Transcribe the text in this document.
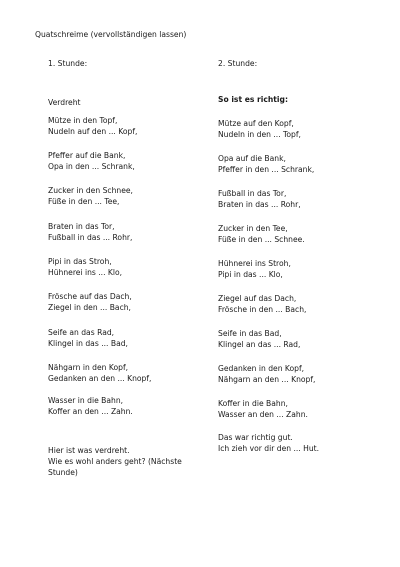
Quatschreime (vervollständigen lassen)
1. Stunde:	2. Stunde:
Verdreht	So ist es richtig:
Mütze in den Topf,
Nudeln auf den ... Kopf,
Pfeffer auf die Bank,
Opa in den ... Schrank,
Zucker in den Schnee,
Füße in den ... Tee,
Braten in das Tor,
Fußball in das ... Rohr,
Pipi in das Stroh,
Hühnerei ins ... Klo,
Frösche auf das Dach,
Ziegel in den ... Bach,
Seife an das Rad,
Klingel in das ... Bad,
Nähgarn in den Kopf,
Gedanken an den ... Knopf,
Wasser in die Bahn,
Koffer an den ... Zahn.
Hier ist was verdreht.
Wie es wohl anders geht? (Nächste
Stunde)
Mütze auf den Kopf,
Nudeln in den ... Topf,
Opa auf die Bank,
Pfeffer in den ... Schrank,
Fußball in das Tor,
Braten in das ... Rohr,
Zucker in den Tee,
Füße in den ... Schnee.
Hühnerei ins Stroh,
Pipi in das ... Klo,
Ziegel auf das Dach,
Frösche in den ... Bach,
Seife in das Bad,
Klingel an das ... Rad,
Gedanken in den Kopf,
Nähgarn an den ... Knopf,
Koffer in die Bahn,
Wasser an den ... Zahn.
Das war richtig gut.
Ich zieh vor dir den ... Hut.
